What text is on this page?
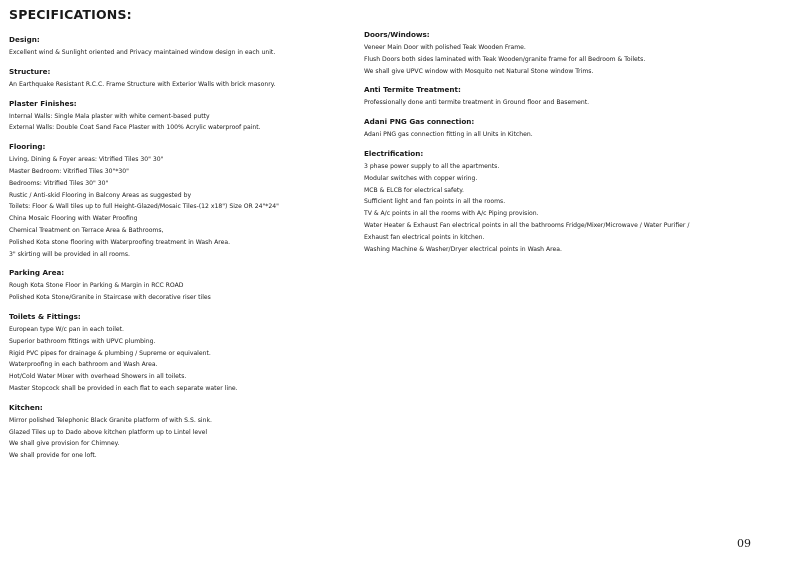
SPECIFICATIONS:
Design:
Excellent wind & Sunlight oriented and Privacy maintained window design in each unit.
Structure:
An Earthquake Resistant R.C.C. Frame Structure with Exterior Walls with brick masonry.
Plaster Finishes:
Internal Walls: Single Mala plaster with white cement-based putty
External Walls: Double Coat Sand Face Plaster with 100% Acrylic waterproof paint.
Flooring:
Living, Dining & Foyer areas: Vitrified Tiles 30" 30"
Master Bedroom: Vitrified Tiles 30"*30"
Bedrooms: Vitrified Tiles 30" 30"
Rustic / Anti-skid Flooring in Balcony Areas as suggested by
Toilets: Floor & Wall tiles up to full Height-Glazed/Mosaic Tiles-(12 x18") Size OR 24"*24"
China Mosaic Flooring with Water Proofing
Chemical Treatment on Terrace Area & Bathrooms,
Polished Kota stone flooring with Waterproofing treatment in Wash Area.
3" skirting will be provided in all rooms.
Parking Area:
Rough Kota Stone Floor in Parking & Margin in RCC ROAD
Polished Kota Stone/Granite in Staircase with decorative riser tiles
Toilets & Fittings:
European type W/c pan in each toilet.
Superior bathroom fittings with UPVC plumbing.
Rigid PVC pipes for drainage & plumbing / Supreme or equivalent.
Waterproofing in each bathroom and Wash Area.
Hot/Cold Water Mixer with overhead Showers in all toilets.
Master Stopcock shall be provided in each flat to each separate water line.
Kitchen:
Mirror polished Telephonic Black Granite platform of with S.S. sink.
Glazed Tiles up to Dado above kitchen platform up to Lintel level
We shall give provision for Chimney.
We shall provide for one loft.
Doors/Windows:
Veneer Main Door with polished Teak Wooden Frame.
Flush Doors both sides laminated with Teak Wooden/granite frame for all Bedroom & Toilets.
We shall give UPVC window with Mosquito net Natural Stone window Trims.
Anti Termite Treatment:
Professionally done anti termite treatment in Ground floor and Basement.
Adani PNG Gas connection:
Adani PNG gas connection fitting in all Units in Kitchen.
Electrification:
3 phase power supply to all the apartments.
Modular switches with copper wiring.
MCB & ELCB for electrical safety.
Sufficient light and fan points in all the rooms.
TV & A/c points in all the rooms with A/c Piping provision.
Water Heater & Exhaust Fan electrical points in all the bathrooms Fridge/Mixer/Microwave / Water Purifier /
Exhaust fan electrical points in kitchen.
Washing Machine & Washer/Dryer electrical points in Wash Area.
09
